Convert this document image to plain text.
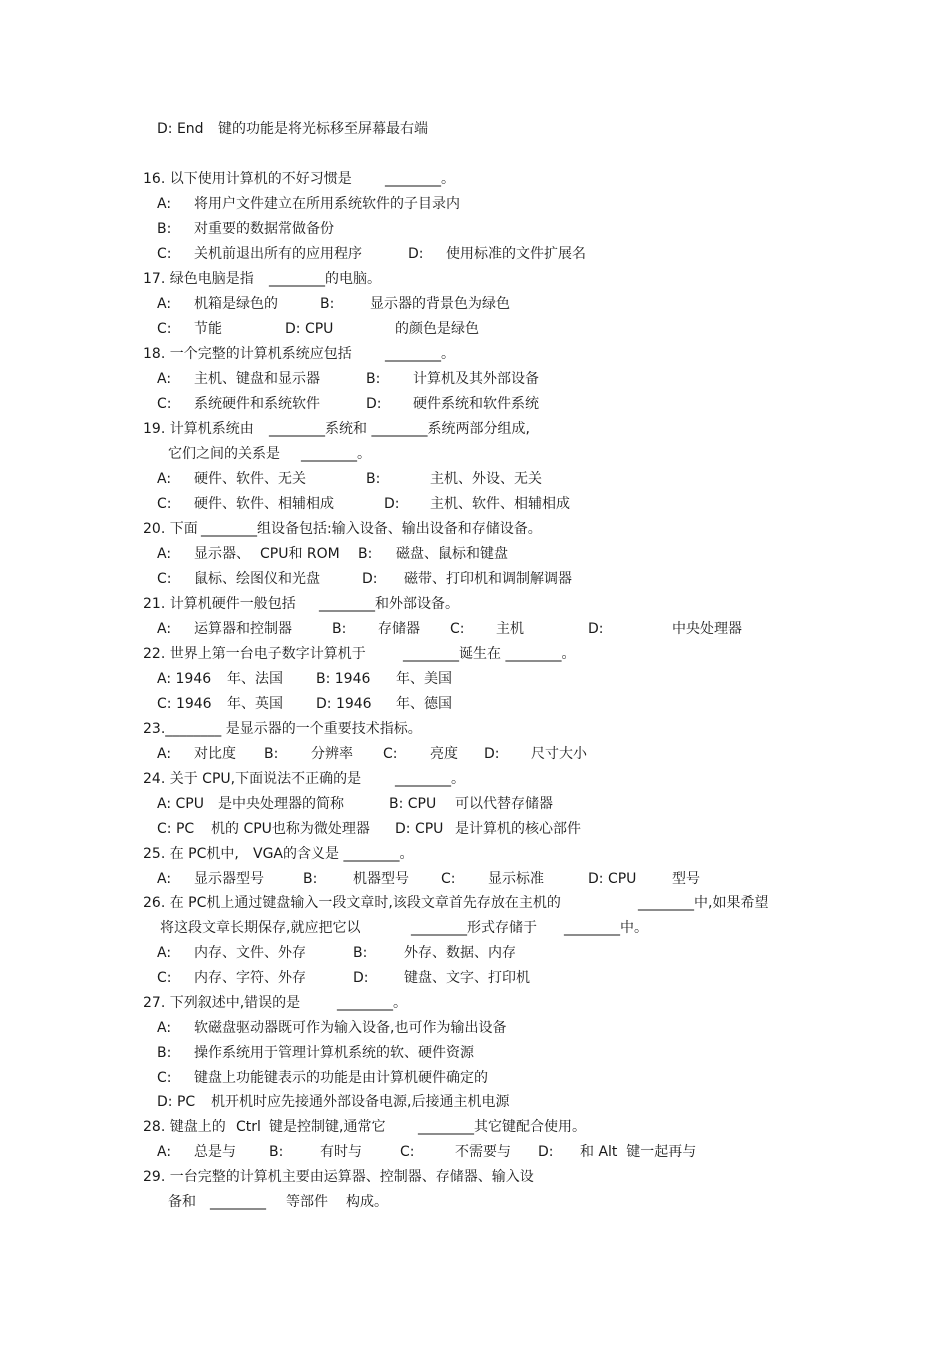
D: End 键的功能是将光标移至屏幕最右端
16. 以下使用计算机的不好习惯是 ________。
A: 将用户文件建立在所用系统软件的子目录内
B: 对重要的数据常做备份
C: 关机前退出所有的应用程序	D: 使用标准的文件扩展名
17. 绿色电脑是指 ________的电脑。
A: 机箱是绿色的	B:	显示器的背景色为绿色
C: 节能	D: CPU	的颜色是绿色
18. 一个完整的计算机系统应包括 ________。
A: 主机、键盘和显示器	B: 计算机及其外部设备
C: 系统硬件和系统软件	D: 硬件系统和软件系统
19. 计算机系统由 ________系统和 ________系统两部分组成,
它们之间的关系是 ________。
A: 硬件、软件、无关	B:	主机、外设、无关
C: 硬件、软件、相辅相成	D: 主机、软件、相辅相成
20. 下面 ________组设备包括:输入设备、输出设备和存储设备。
A: 显示器、 CPU和 ROM B: 磁盘、鼠标和键盘
C: 鼠标、绘图仪和光盘	D: 磁带、打印机和调制解调器
21. 计算机硬件一般包括 ________和外部设备。
A: 运算器和控制器	B: 存储器 C: 主机	D:	中央处理器
22. 世界上第一台电子数字计算机于	________诞生在 ________。
A: 1946 年、法国 B: 1946 年、美国
C: 1946 年、英国 D: 1946 年、德国
23.________ 是显示器的一个重要技术指标。
A: 对比度 B: 分辨率 C: 亮度 D: 尺寸大小
24. 关于 CPU,下面说法不正确的是 ________。
A: CPU 是中央处理器的简称	B: CPU 可以代替存储器
C: PC 机的 CPU也称为微处理器 D: CPU 是计算机的核心部件
25. 在 PC机中, VGA的含义是 ________。
A: 显示器型号	B:	机器型号 C: 显示标准	D: CPU	型号
26. 在 PC机上通过键盘输入一段文章时,该段文章首先存放在主机的	________中,如果希望
将这段文章长期保存,就应把它以	________形式存储于 ________中。
A: 内存、文件、外存	B:	外存、数据、内存
C: 内存、字符、外存	D:	键盘、文字、打印机
27. 下列叙述中,错误的是	________。
A: 软磁盘驱动器既可作为输入设备,也可作为输出设备
B: 操作系统用于管理计算机系统的软、硬件资源
C: 键盘上功能键表示的功能是由计算机硬件确定的
D: PC 机开机时应先接通外部设备电源,后接通主机电源
28. 键盘上的 Ctrl 键是控制键,通常它 ________其它键配合使用。
A: 总是与 B:	有时与	C:	不需要与 D: 和 Alt  键一起再与
29. 一台完整的计算机主要由运算器、控制器、存储器、输入设
备和 ________ 等部件 构成。
